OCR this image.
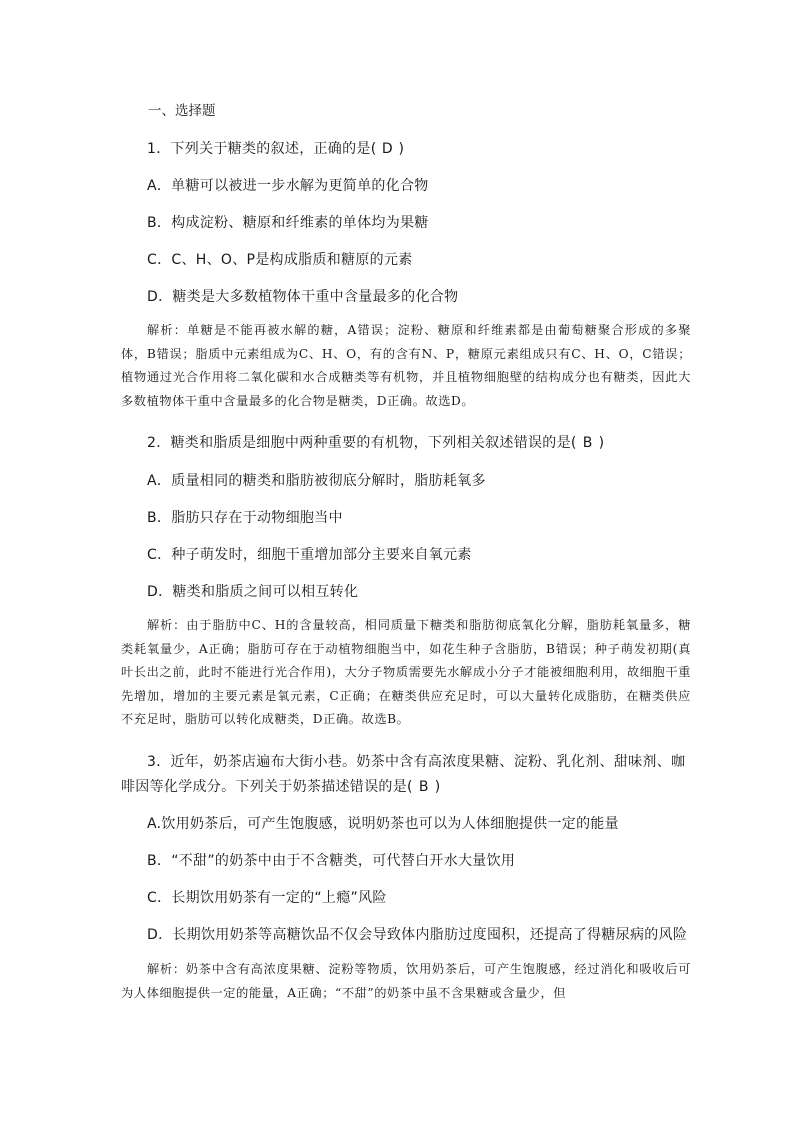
一、选择题
1．下列关于糖类的叙述，正确的是( D )
A．单糖可以被进一步水解为更简单的化合物
B．构成淀粉、糖原和纤维素的单体均为果糖
C．C、H、O、P是构成脂质和糖原的元素
D．糖类是大多数植物体干重中含量最多的化合物
解析：单糖是不能再被水解的糖，A错误；淀粉、糖原和纤维素都是由葡萄糖聚合形成的多聚体，B错误；脂质中元素组成为C、H、O，有的含有N、P，糖原元素组成只有C、H、O，C错误；植物通过光合作用将二氧化碳和水合成糖类等有机物，并且植物细胞壁的结构成分也有糖类，因此大多数植物体干重中含量最多的化合物是糖类，D正确。故选D。
2．糖类和脂质是细胞中两种重要的有机物，下列相关叙述错误的是( B )
A．质量相同的糖类和脂肪被彻底分解时，脂肪耗氧多
B．脂肪只存在于动物细胞当中
C．种子萌发时，细胞干重增加部分主要来自氧元素
D．糖类和脂质之间可以相互转化
解析：由于脂肪中C、H的含量较高，相同质量下糖类和脂肪彻底氧化分解，脂肪耗氧量多，糖类耗氧量少，A正确；脂肪可存在于动植物细胞当中，如花生种子含脂肪，B错误；种子萌发初期(真叶长出之前，此时不能进行光合作用)，大分子物质需要先水解成小分子才能被细胞利用，故细胞干重先增加，增加的主要元素是氧元素，C正确；在糖类供应充足时，可以大量转化成脂肪，在糖类供应不充足时，脂肪可以转化成糖类，D正确。故选B。
3．近年，奶茶店遍布大街小巷。奶茶中含有高浓度果糖、淀粉、乳化剂、甜味剂、咖
啡因等化学成分。下列关于奶茶描述错误的是( B )
A.饮用奶茶后，可产生饱腹感，说明奶茶也可以为人体细胞提供一定的能量
B．“不甜”的奶茶中由于不含糖类，可代替白开水大量饮用
C．长期饮用奶茶有一定的“上瘾”风险
D．长期饮用奶茶等高糖饮品不仅会导致体内脂肪过度囤积，还提高了得糖尿病的风险
解析：奶茶中含有高浓度果糖、淀粉等物质，饮用奶茶后，可产生饱腹感，经过消化和吸收后可为人体细胞提供一定的能量，A正确；“不甜”的奶茶中虽不含果糖或含量少，但
